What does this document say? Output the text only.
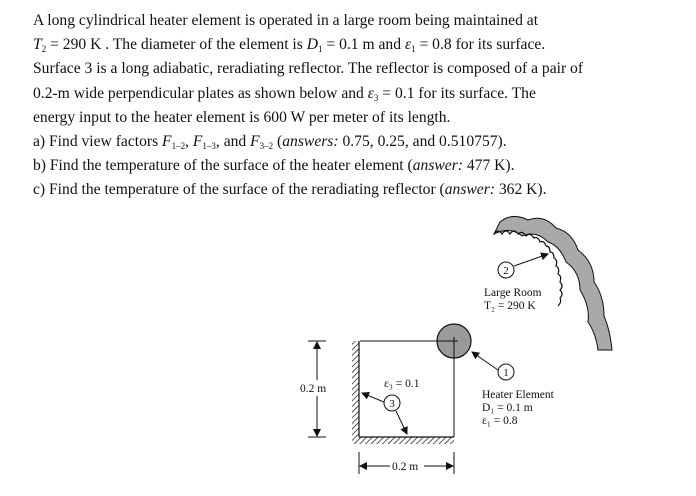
A long cylindrical heater element is operated in a large room being maintained at
$T_2 = 290$ K . The diameter of the element is $D_1 = 0.1$ m and $\varepsilon_1 = 0.8$ for its surface.
Surface 3 is a long adiabatic, reradiating reflector. The reflector is composed of a pair of
0.2-m wide perpendicular plates as shown below and $\varepsilon_3 = 0.1$ for its surface. The
energy input to the heater element is 600 W per meter of its length.
a) Find view factors $F_{1-2}$, $F_{1-3}$, and $F_{3-2}$ (answers: 0.75, 0.25, and 0.510757).
b) Find the temperature of the surface of the heater element (answer: 477 K).
c) Find the temperature of the surface of the reradiating reflector (answer: 362 K).
2
Large Room
T₂ = 290 K
1
Heater Element
D₁ = 0.1 m
ε₁ = 0.8
ε₃ = 0.1
3
0.2 m
0.2 m
